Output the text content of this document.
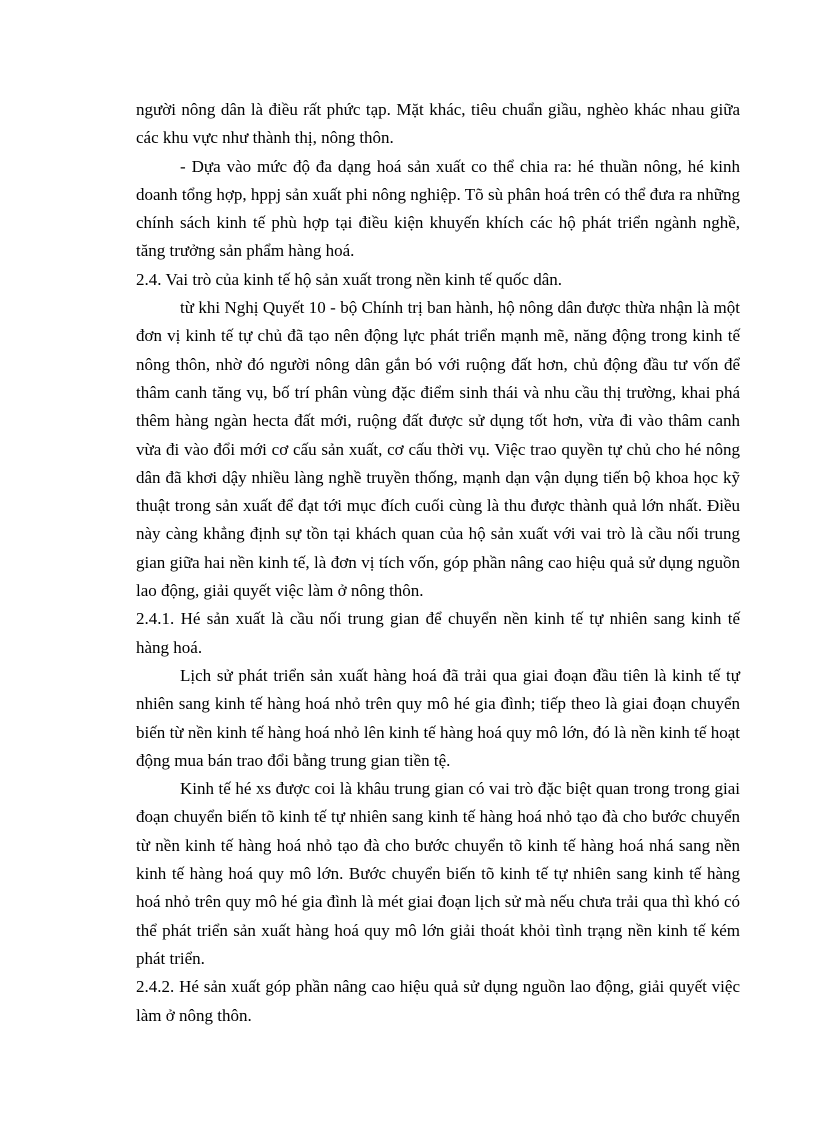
người nông dân là điều rất phức tạp. Mặt khác, tiêu chuẩn giầu, nghèo khác nhau giữa các khu vực như thành thị, nông thôn.

- Dựa vào mức độ đa dạng hoá sản xuất co thể chia ra: hé thuần nông, hé kinh doanh tổng hợp, hppj sản xuất phi nông nghiệp. Tõ sù phân hoá trên có thể đưa ra những chính sách kinh tế phù hợp tại điều kiện khuyến khích các hộ phát triển ngành nghề, tăng trưởng sản phẩm hàng hoá.

2.4. Vai trò của kinh tế hộ sản xuất trong nền kinh tế quốc dân.

từ khi Nghị Quyết 10 - bộ Chính trị ban hành, hộ nông dân được thừa nhận là một đơn vị kinh tế tự chủ đã tạo nên động lực phát triển mạnh mẽ, năng động trong kinh tế nông thôn, nhờ đó người nông dân gắn bó với ruộng đất hơn, chủ động đầu tư vốn để thâm canh tăng vụ, bố trí phân vùng đặc điểm sinh thái và nhu cầu thị trường, khai phá thêm hàng ngàn hecta đất mới, ruộng đất được sử dụng tốt hơn, vừa đi vào thâm canh vừa đi vào đổi mới cơ cấu sản xuất, cơ cấu thời vụ. Việc trao quyền tự chủ cho hé nông dân đã khơi dậy nhiều làng nghề truyền thống, mạnh dạn vận dụng tiến bộ khoa học kỹ thuật trong sản xuất để đạt tới mục đích cuối cùng là thu được thành quả lớn nhất. Điều này càng khẳng định sự tồn tại khách quan của hộ sản xuất với vai trò là cầu nối trung gian giữa hai nền kinh tế, là đơn vị tích vốn, góp phần nâng cao hiệu quả sử dụng nguồn lao động, giải quyết việc làm ở nông thôn.

2.4.1. Hé sản xuất là cầu nối trung gian để chuyển nền kinh tế tự nhiên sang kinh tế hàng hoá.

Lịch sử phát triển sản xuất hàng hoá đã trải qua giai đoạn đầu tiên là kinh tế tự nhiên sang kinh tế hàng hoá nhỏ trên quy mô hé gia đình; tiếp theo là giai đoạn chuyển biến từ nền kinh tế hàng hoá nhỏ lên kinh tế hàng hoá quy mô lớn, đó là nền kinh tế hoạt động mua bán trao đổi bằng trung gian tiền tệ.

Kinh tế hé xs được coi là khâu trung gian có vai trò đặc biệt quan trong trong giai đoạn chuyển biến tõ kinh tế tự nhiên sang kinh tế hàng hoá nhỏ tạo đà cho bước chuyển từ nền kinh tế hàng hoá nhỏ tạo đà cho bước chuyển tõ kinh tế hàng hoá nhá sang nền kinh tế hàng hoá quy mô lớn. Bước chuyển biến tõ kinh tế tự nhiên sang kinh tế hàng hoá nhỏ trên quy mô hé gia đình là mét giai đoạn lịch sử mà nếu chưa trải qua thì khó có thể phát triển sản xuất hàng hoá quy mô lớn giải thoát khỏi tình trạng nền kinh tế kém phát triển.

2.4.2. Hé sản xuất góp phần nâng cao hiệu quả sử dụng nguồn lao động, giải quyết việc làm ở nông thôn.
